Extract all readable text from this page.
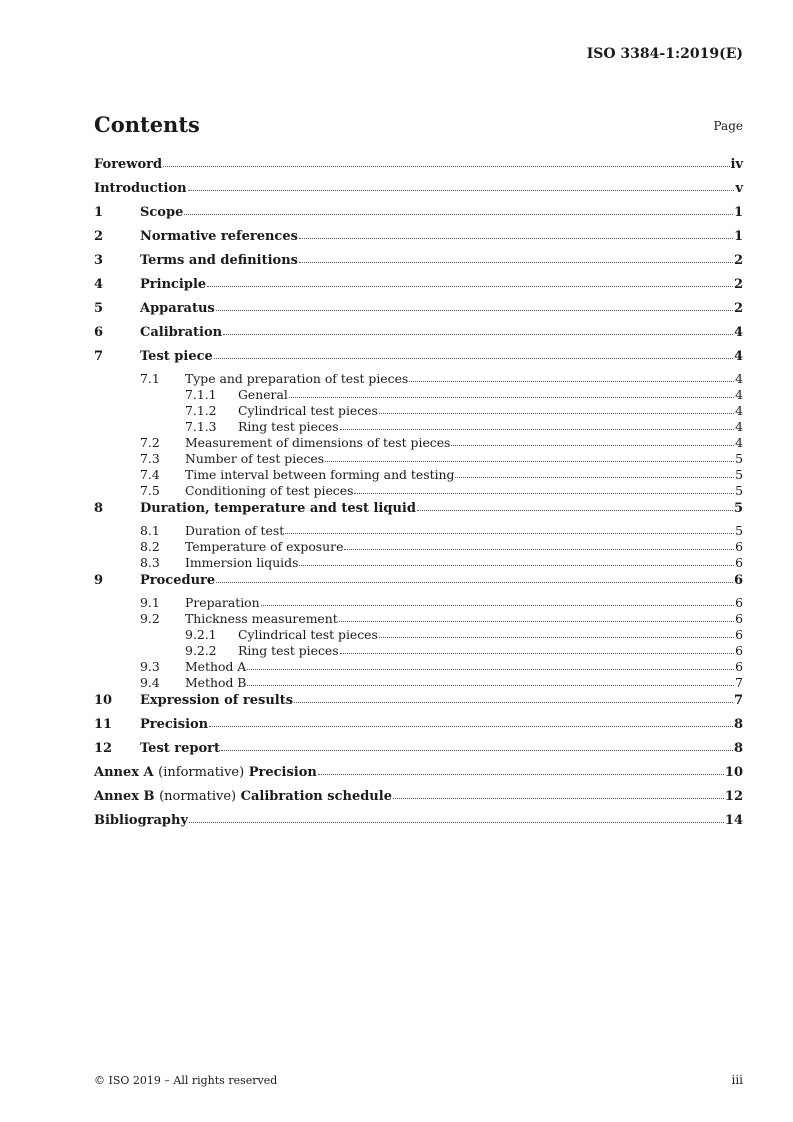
ISO 3384-1:2019(E)
Contents	Page
Foreword	iv
Introduction	v
1	Scope	1
2	Normative references	1
3	Terms and definitions	2
4	Principle	2
5	Apparatus	2
6	Calibration	4
7	Test piece	4
7.1	Type and preparation of test pieces	4
7.1.1	General	4
7.1.2	Cylindrical test pieces	4
7.1.3	Ring test pieces	4
7.2	Measurement of dimensions of test pieces	4
7.3	Number of test pieces	5
7.4	Time interval between forming and testing	5
7.5	Conditioning of test pieces	5
8	Duration, temperature and test liquid	5
8.1	Duration of test	5
8.2	Temperature of exposure	6
8.3	Immersion liquids	6
9	Procedure	6
9.1	Preparation	6
9.2	Thickness measurement	6
9.2.1	Cylindrical test pieces	6
9.2.2	Ring test pieces	6
9.3	Method A	6
9.4	Method B	7
10	Expression of results	7
11	Precision	8
12	Test report	8
Annex A (informative) Precision	10
Annex B (normative) Calibration schedule	12
Bibliography	14
© ISO 2019 – All rights reserved	iii
